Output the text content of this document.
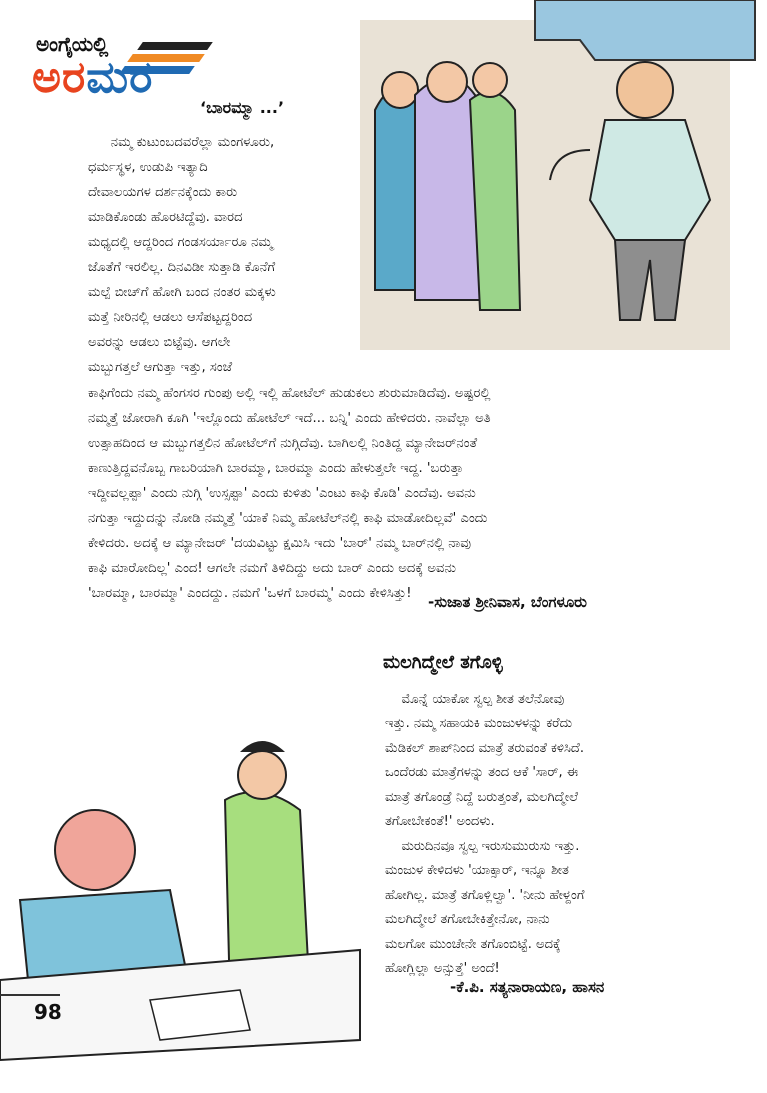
ಅಂಗೈಯಲ್ಲಿ
ಅರಮರ
‘ಬಾರಮ್ಮಾ ...’
ನಮ್ಮ ಕುಟುಂಬದವರೆಲ್ಲಾ ಮಂಗಳೂರು,
ಧರ್ಮಸ್ಥಳ, ಉಡುಪಿ ಇತ್ಯಾದಿ
ದೇವಾಲಯಗಳ ದರ್ಶನಕ್ಕೆಂದು ಕಾರು
ಮಾಡಿಕೊಂಡು ಹೊರಟಿದ್ದೆವು. ವಾರದ
ಮಧ್ಯದಲ್ಲಿ ಆದ್ದರಿಂದ ಗಂಡಸರ್ಯಾರೂ ನಮ್ಮ
ಜೊತೆಗೆ ಇರಲಿಲ್ಲ. ದಿನವಿಡೀ ಸುತ್ತಾಡಿ ಕೊನೆಗೆ
ಮಲ್ಪೆ ಬೀಚ್‌ಗೆ ಹೋಗಿ ಬಂದ ನಂತರ ಮಕ್ಕಳು
ಮತ್ತೆ ನೀರಿನಲ್ಲಿ ಆಡಲು ಆಸೆಪಟ್ಟದ್ದರಿಂದ
ಅವರನ್ನು ಆಡಲು ಬಿಟ್ಟೆವು. ಆಗಲೇ
ಮಬ್ಬುಗತ್ತಲೆ ಆಗುತ್ತಾ ಇತ್ತು, ಸಂಜೆ
ಕಾಫಿಗೆಂದು ನಮ್ಮ ಹೆಂಗಸರ ಗುಂಪು ಅಲ್ಲಿ ಇಲ್ಲಿ ಹೋಟೆಲ್ ಹುಡುಕಲು ಶುರುಮಾಡಿದೆವು. ಅಷ್ಟರಲ್ಲಿ
ನಮ್ಮತ್ತೆ ಜೋರಾಗಿ ಕೂಗಿ 'ಇಲ್ಲೊಂದು ಹೋಟೆಲ್ ಇದೆ... ಬನ್ನಿ' ಎಂದು ಹೇಳಿದರು. ನಾವೆಲ್ಲಾ ಅತಿ
ಉತ್ಸಾಹದಿಂದ ಆ ಮಬ್ಬುಗತ್ತಲಿನ ಹೋಟೆಲ್‌ಗೆ ನುಗ್ಗಿದೆವು. ಬಾಗಿಲಲ್ಲಿ ನಿಂತಿದ್ದ ಮ್ಯಾನೇಜರ್‌ನಂತೆ
ಕಾಣುತ್ತಿದ್ದವನೊಬ್ಬ ಗಾಬರಿಯಾಗಿ ಬಾರಮ್ಮಾ, ಬಾರಮ್ಮಾ ಎಂದು ಹೇಳುತ್ತಲೇ ಇದ್ದ. 'ಬರುತ್ತಾ
ಇದ್ದೀವಲ್ಲಪ್ಪಾ' ಎಂದು ನುಗ್ಗಿ 'ಉಸ್ಸಪ್ಪಾ' ಎಂದು ಕುಳಿತು 'ಎಂಟು ಕಾಫಿ ಕೊಡಿ' ಎಂದೆವು. ಅವನು
ನಗುತ್ತಾ ಇದ್ದುದನ್ನು ನೋಡಿ ನಮ್ಮತ್ತೆ 'ಯಾಕೆ ನಿಮ್ಮ ಹೋಟೆಲ್‌ನಲ್ಲಿ ಕಾಫಿ ಮಾಡೋದಿಲ್ಲವೆ' ಎಂದು
ಕೇಳಿದರು. ಅದಕ್ಕೆ ಆ ಮ್ಯಾನೇಜರ್ 'ದಯವಿಟ್ಟು ಕ್ಷಮಿಸಿ ಇದು 'ಬಾರ್' ನಮ್ಮ ಬಾರ್‌ನಲ್ಲಿ ನಾವು
ಕಾಫಿ ಮಾರೋದಿಲ್ಲ' ಎಂದ! ಆಗಲೇ ನಮಗೆ ತಿಳಿದಿದ್ದು ಅದು ಬಾರ್ ಎಂದು ಅದಕ್ಕೆ ಅವನು
'ಬಾರಮ್ಮಾ, ಬಾರಮ್ಮಾ' ಎಂದದ್ದು. ನಮಗೆ 'ಒಳಗೆ ಬಾರಮ್ಮ' ಎಂದು ಕೇಳಿಸಿತ್ತು! -ಸುಜಾತ ಶ್ರೀನಿವಾಸ, ಬೆಂಗಳೂರು
ಮಲಗಿದ್ಮೇಲೆ ತಗೊಳ್ಳಿ
ಮೊನ್ನೆ ಯಾಕೋ ಸ್ವಲ್ಪ ಶೀತ ತಲೆನೋವು
ಇತ್ತು. ನಮ್ಮ ಸಹಾಯಕಿ ಮಂಜುಳಳನ್ನು ಕರೆದು
ಮೆಡಿಕಲ್ ಶಾಪ್‌ನಿಂದ ಮಾತ್ರೆ ತರುವಂತೆ ಕಳಿಸಿದೆ.
ಒಂದೆರಡು ಮಾತ್ರೆಗಳನ್ನು ತಂದ ಆಕೆ 'ಸಾರ್, ಈ
ಮಾತ್ರೆ ತಗೊಂಡ್ರೆ ನಿದ್ದೆ ಬರುತ್ತಂತೆ, ಮಲಗಿದ್ಮೇಲೆ
ತಗೋಬೇಕಂತೆ!' ಅಂದಳು.
ಮರುದಿನವೂ ಸ್ವಲ್ಪ ಇರುಸುಮುರುಸು ಇತ್ತು.
ಮಂಜುಳ ಕೇಳಿದಳು 'ಯಾಕ್ಸಾರ್, ಇನ್ನೂ ಶೀತ
ಹೋಗಿಲ್ಲ. ಮಾತ್ರೆ ತಗೊಳ್ಲಿಲ್ವಾ'. 'ನೀನು ಹೇಳ್ದಂಗೆ
ಮಲಗಿದ್ಮೇಲೆ ತಗೋಬೇಕಿತ್ತೇನೋ, ನಾನು
ಮಲಗೋ ಮುಂಚೇನೇ ತಗೊಂಬಿಟ್ಟೆ. ಅದಕ್ಕೆ
ಹೋಗ್ಲಿಲ್ಲಾ ಅನ್ಸುತ್ತೆ' ಅಂದೆ!
-ಕೆ.ಪಿ. ಸತ್ಯನಾರಾಯಣ, ಹಾಸನ
98
